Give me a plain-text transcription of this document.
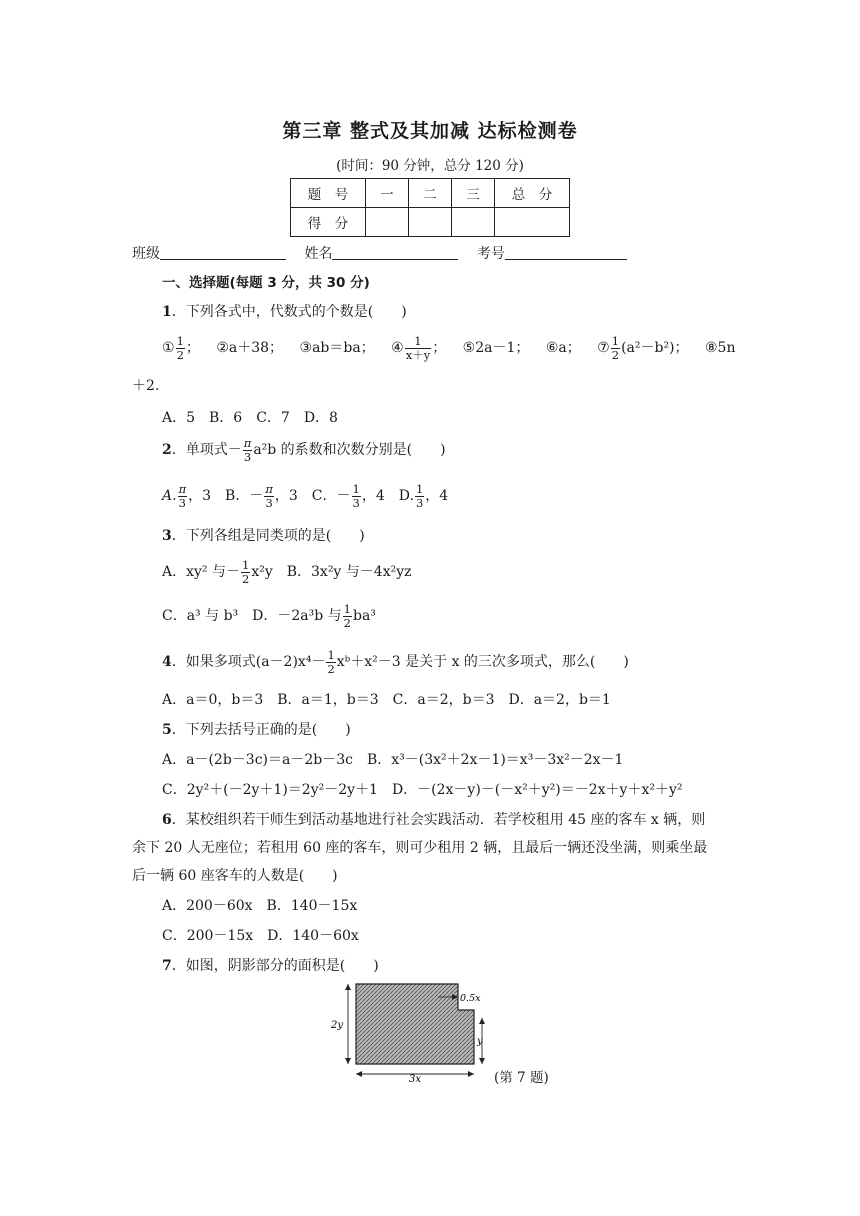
第三章 整式及其加减 达标检测卷
(时间：90 分钟，总分 120 分)
题　号	一	二	三	总　分
得　分				
班级	姓名	考号
一、选择题(每题 3 分，共 30 分)
1．下列各式中，代数式的个数是(　　)
① $\frac{1}{2}$ ； ②a＋38； ③ab＝ba； ④ $\frac{1}{x+y}$ ； ⑤2a－1； ⑥a； ⑦ $\frac{1}{2} (a^2-b^2)$； ⑧5n
＋2.
A．5　B．6　C．7　D．8
2．单项式－ $\frac{\pi}{3} a^2b$ 的系数和次数分别是(　　)
A. $\frac{\pi}{3}$ ，3　B．－ $\frac{\pi}{3}$ ，3　C．－ $\frac{1}{3}$ ，4　D. $\frac{1}{3}$ ，4
3．下列各组是同类项的是(　　)
A．xy² 与－ $\frac{1}{2} x^2y$　B．3x²y 与－4x²yz
C．a³ 与 b³　D．－2a³b 与 $\frac{1}{2} ba^3$
4．如果多项式$(a-2)x^4- \frac{1}{2}$ xᵇ＋x²－3 是关于 x 的三次多项式，那么(　　)
A．a＝0，b＝3　B．a＝1，b＝3　C．a＝2，b＝3　D．a＝2，b＝1
5．下列去括号正确的是(　　)
A．a－(2b－3c)＝a－2b－3c　B．x³－(3x²＋2x－1)＝x³－3x²－2x－1
C．2y²＋(－2y＋1)＝2y²－2y＋1　D．－(2x－y)－(－x²＋y²)＝－2x＋y＋x²＋y²
6．某校组织若干师生到活动基地进行社会实践活动．若学校租用 45 座的客车 x 辆，则
余下 20 人无座位；若租用 60 座的客车，则可少租用 2 辆，且最后一辆还没坐满，则乘坐最
后一辆 60 座客车的人数是(　　)
A．200－60x　B．140－15x
C．200－15x　D．140－60x
7．如图，阴影部分的面积是(　　)
2y
3x
0.5x
y
(第 7 题)
